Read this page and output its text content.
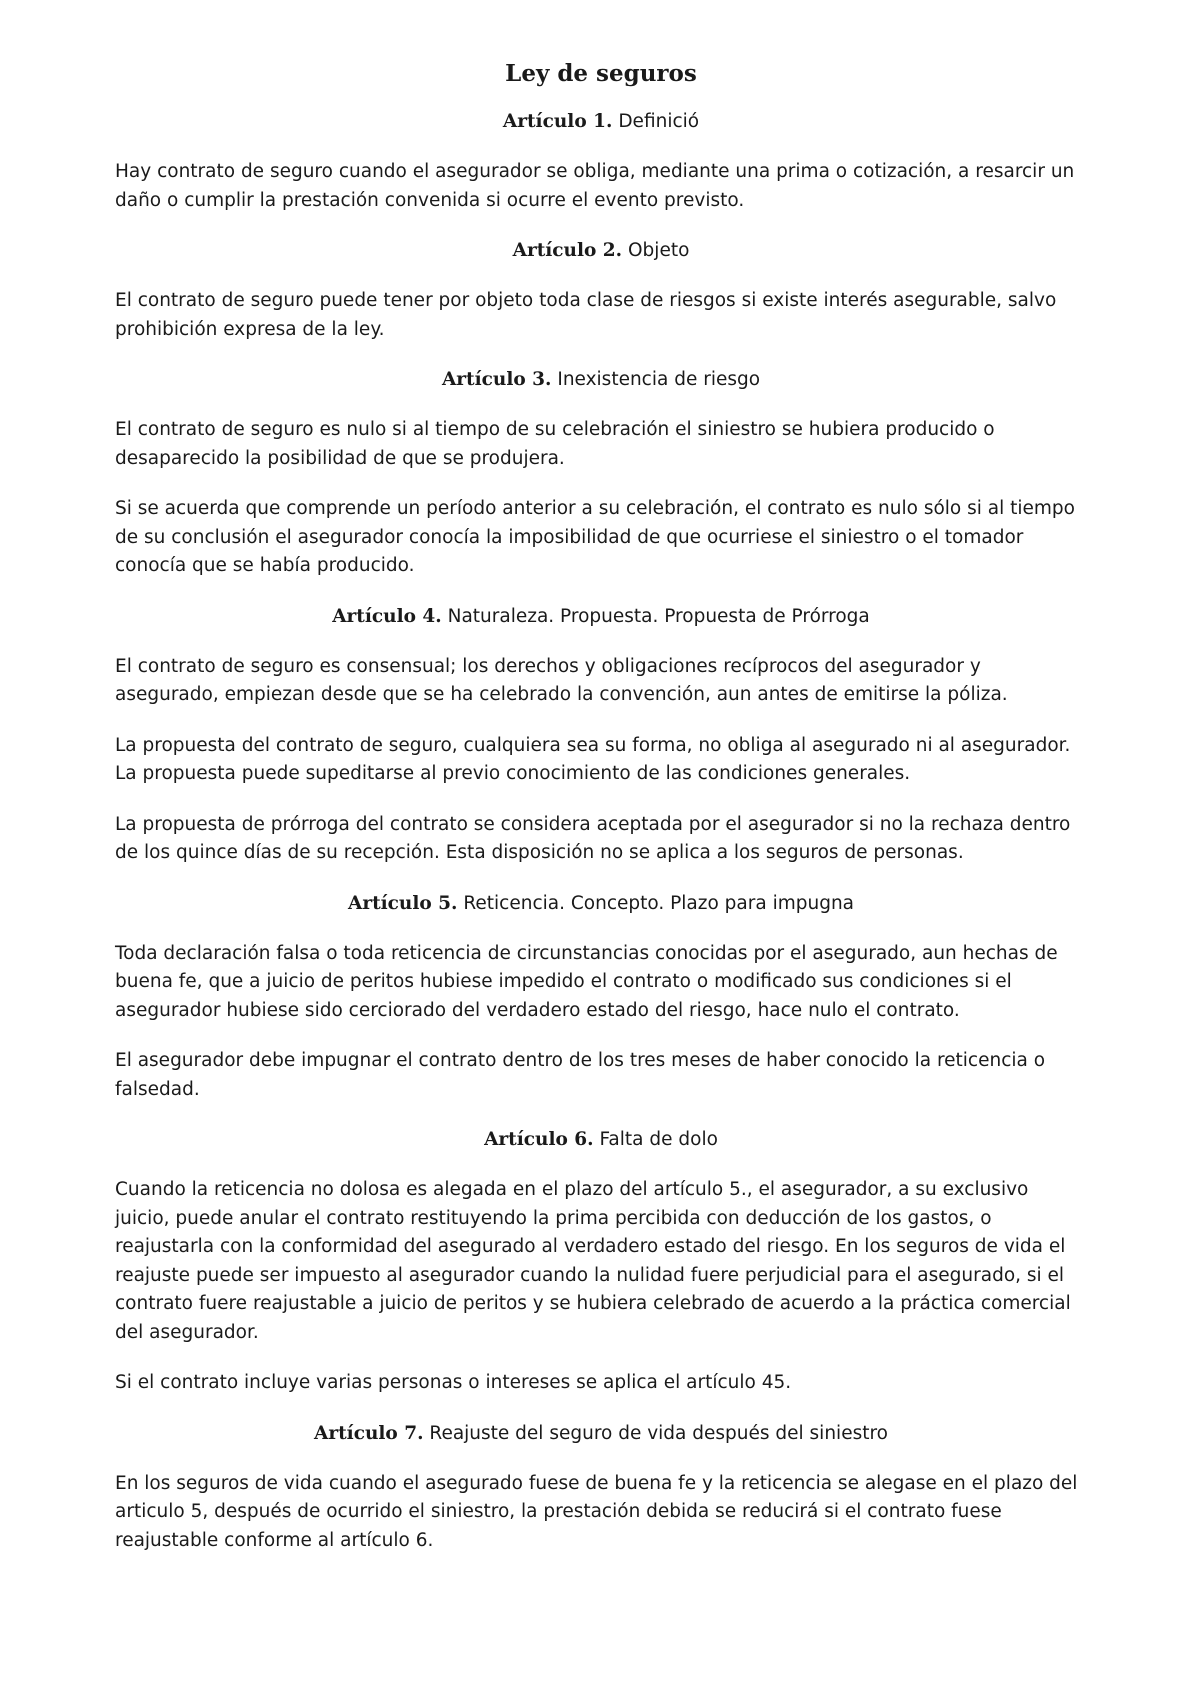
Ley de seguros
Artículo 1. Definició

Hay contrato de seguro cuando el asegurador se obliga, mediante una prima o cotización, a resarcir un daño o cumplir la prestación convenida si ocurre el evento previsto.

Artículo 2. Objeto

El contrato de seguro puede tener por objeto toda clase de riesgos si existe interés asegurable, salvo prohibición expresa de la ley.

Artículo 3. Inexistencia de riesgo

El contrato de seguro es nulo si al tiempo de su celebración el siniestro se hubiera producido o desaparecido la posibilidad de que se produjera.

Si se acuerda que comprende un período anterior a su celebración, el contrato es nulo sólo si al tiempo de su conclusión el asegurador conocía la imposibilidad de que ocurriese el siniestro o el tomador conocía que se había producido.

Artículo 4. Naturaleza. Propuesta. Propuesta de Prórroga

El contrato de seguro es consensual; los derechos y obligaciones recíprocos del asegurador y asegurado, empiezan desde que se ha celebrado la convención, aun antes de emitirse la póliza.

La propuesta del contrato de seguro, cualquiera sea su forma, no obliga al asegurado ni al asegurador. La propuesta puede supeditarse al previo conocimiento de las condiciones generales.

La propuesta de prórroga del contrato se considera aceptada por el asegurador si no la rechaza dentro de los quince días de su recepción. Esta disposición no se aplica a los seguros de personas.

Artículo 5. Reticencia. Concepto. Plazo para impugna

Toda declaración falsa o toda reticencia de circunstancias conocidas por el asegurado, aun hechas de buena fe, que a juicio de peritos hubiese impedido el contrato o modificado sus condiciones si el asegurador hubiese sido cerciorado del verdadero estado del riesgo, hace nulo el contrato.

El asegurador debe impugnar el contrato dentro de los tres meses de haber conocido la reticencia o falsedad.

Artículo 6. Falta de dolo

Cuando la reticencia no dolosa es alegada en el plazo del artículo 5., el asegurador, a su exclusivo juicio, puede anular el contrato restituyendo la prima percibida con deducción de los gastos, o reajustarla con la conformidad del asegurado al verdadero estado del riesgo. En los seguros de vida el reajuste puede ser impuesto al asegurador cuando la nulidad fuere perjudicial para el asegurado, si el contrato fuere reajustable a juicio de peritos y se hubiera celebrado de acuerdo a la práctica comercial del asegurador.

Si el contrato incluye varias personas o intereses se aplica el artículo 45.

Artículo 7. Reajuste del seguro de vida después del siniestro

En los seguros de vida cuando el asegurado fuese de buena fe y la reticencia se alegase en el plazo del articulo 5, después de ocurrido el siniestro, la prestación debida se reducirá si el contrato fuese reajustable conforme al artículo 6.
